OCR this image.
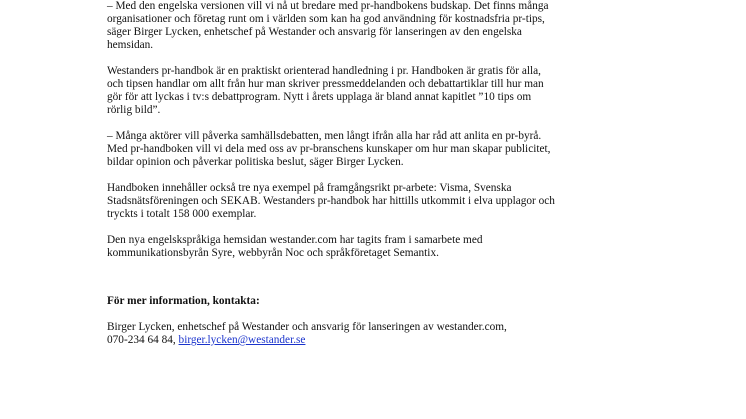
– Med den engelska versionen vill vi nå ut bredare med pr-handbokens budskap. Det finns många
organisationer och företag runt om i världen som kan ha god användning för kostnadsfria pr-tips,
säger Birger Lycken, enhetschef på Westander och ansvarig för lanseringen av den engelska
hemsidan.

Westanders pr-handbok är en praktiskt orienterad handledning i pr. Handboken är gratis för alla,
och tipsen handlar om allt från hur man skriver pressmeddelanden och debattartiklar till hur man
gör för att lyckas i tv:s debattprogram. Nytt i årets upplaga är bland annat kapitlet ”10 tips om
rörlig bild”.

– Många aktörer vill påverka samhällsdebatten, men långt ifrån alla har råd att anlita en pr-byrå.
Med pr-handboken vill vi dela med oss av pr-branschens kunskaper om hur man skapar publicitet,
bildar opinion och påverkar politiska beslut, säger Birger Lycken.

Handboken innehåller också tre nya exempel på framgångsrikt pr-arbete: Visma, Svenska
Stadsnätsföreningen och SEKAB. Westanders pr-handbok har hittills utkommit i elva upplagor och
tryckts i totalt 158 000 exemplar.

Den nya engelskspråkiga hemsidan westander.com har tagits fram i samarbete med
kommunikationsbyrån Syre, webbyrån Noc och språkföretaget Semantix.

För mer information, kontakta:

Birger Lycken, enhetschef på Westander och ansvarig för lanseringen av westander.com,
070-234 64 84, birger.lycken@westander.se
